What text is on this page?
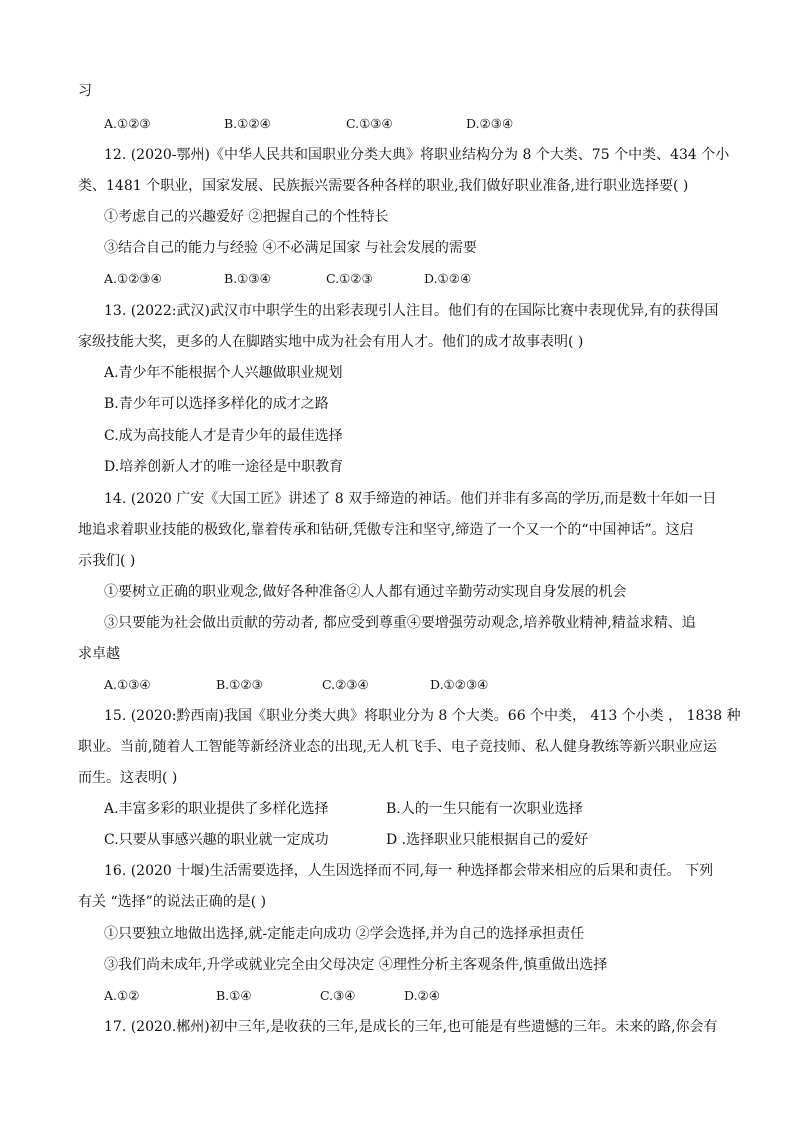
习
A.①②③	B.①②④	C.①③④	D.②③④
12. (2020-鄂州)《中华人民共和国职业分类大典》将职业结构分为 8 个大类、75 个中类、434 个小
类、1481 个职业，国家发展、民族振兴需要各种各样的职业,我们做好职业准备,进行职业选择要( )
①考虑自己的兴趣爱好 ②把握自己的个性特长
③结合自己的能力与经验 ④不必满足国家 与社会发展的需要
A.①②③④	B.①③④	C.①②③	D.①②④
13. (2022:武汉)武汉市中职学生的出彩表现引人注目。他们有的在国际比赛中表现优异,有的获得国
家级技能大奖，更多的人在脚踏实地中成为社会有用人才。他们的成才故事表明( )
A.青少年不能根据个人兴趣做职业规划
B.青少年可以选择多样化的成才之路
C.成为高技能人才是青少年的最佳选择
D.培养创新人才的唯一途径是中职教育
14. (2020 广安《大国工匠》讲述了 8 双手缔造的神话。他们并非有多高的学历,而是数十年如一日
地追求着职业技能的极致化,靠着传承和钻研,凭傲专注和坚守,缔造了一个又一个的“中国神话”。这启
示我们( )
①要树立正确的职业观念,做好各种准备②人人都有通过辛勤劳动实现自身发展的机会
③只要能为社会做出贡献的劳动者, 都应受到尊重④要增强劳动观念,培养敬业精神,精益求精、追
求卓越
A.①③④	B.①②③	C.②③④	D.①②③④
15. (2020:黔西南)我国《职业分类大典》将职业分为 8 个大类。66 个中类， 413 个小类 ， 1838 种
职业。当前,随着人工智能等新经济业态的出现,无人机飞手、电子竞技师、私人健身教练等新兴职业应运
而生。这表明( )
A.丰富多彩的职业提供了多样化选择	B.人的一生只能有一次职业选择
C.只要从事感兴趣的职业就一定成功	D .选择职业只能根据自己的爱好
16. (2020 十堰)生活需要选择，人生因选择而不同,每一 种选择都会带来相应的后果和责任。 下列
有关 “选择”的说法正确的是( )
①只要独立地做出选择,就-定能走向成功 ②学会选择,并为自己的选择承担责任
③我们尚未成年,升学或就业完全由父母决定 ④理性分析主客观条件,慎重做出选择
A.①②	B.①④	C.③④	D.②④
17. (2020.郴州)初中三年,是收获的三年,是成长的三年,也可能是有些遗憾的三年。未来的路,你会有
